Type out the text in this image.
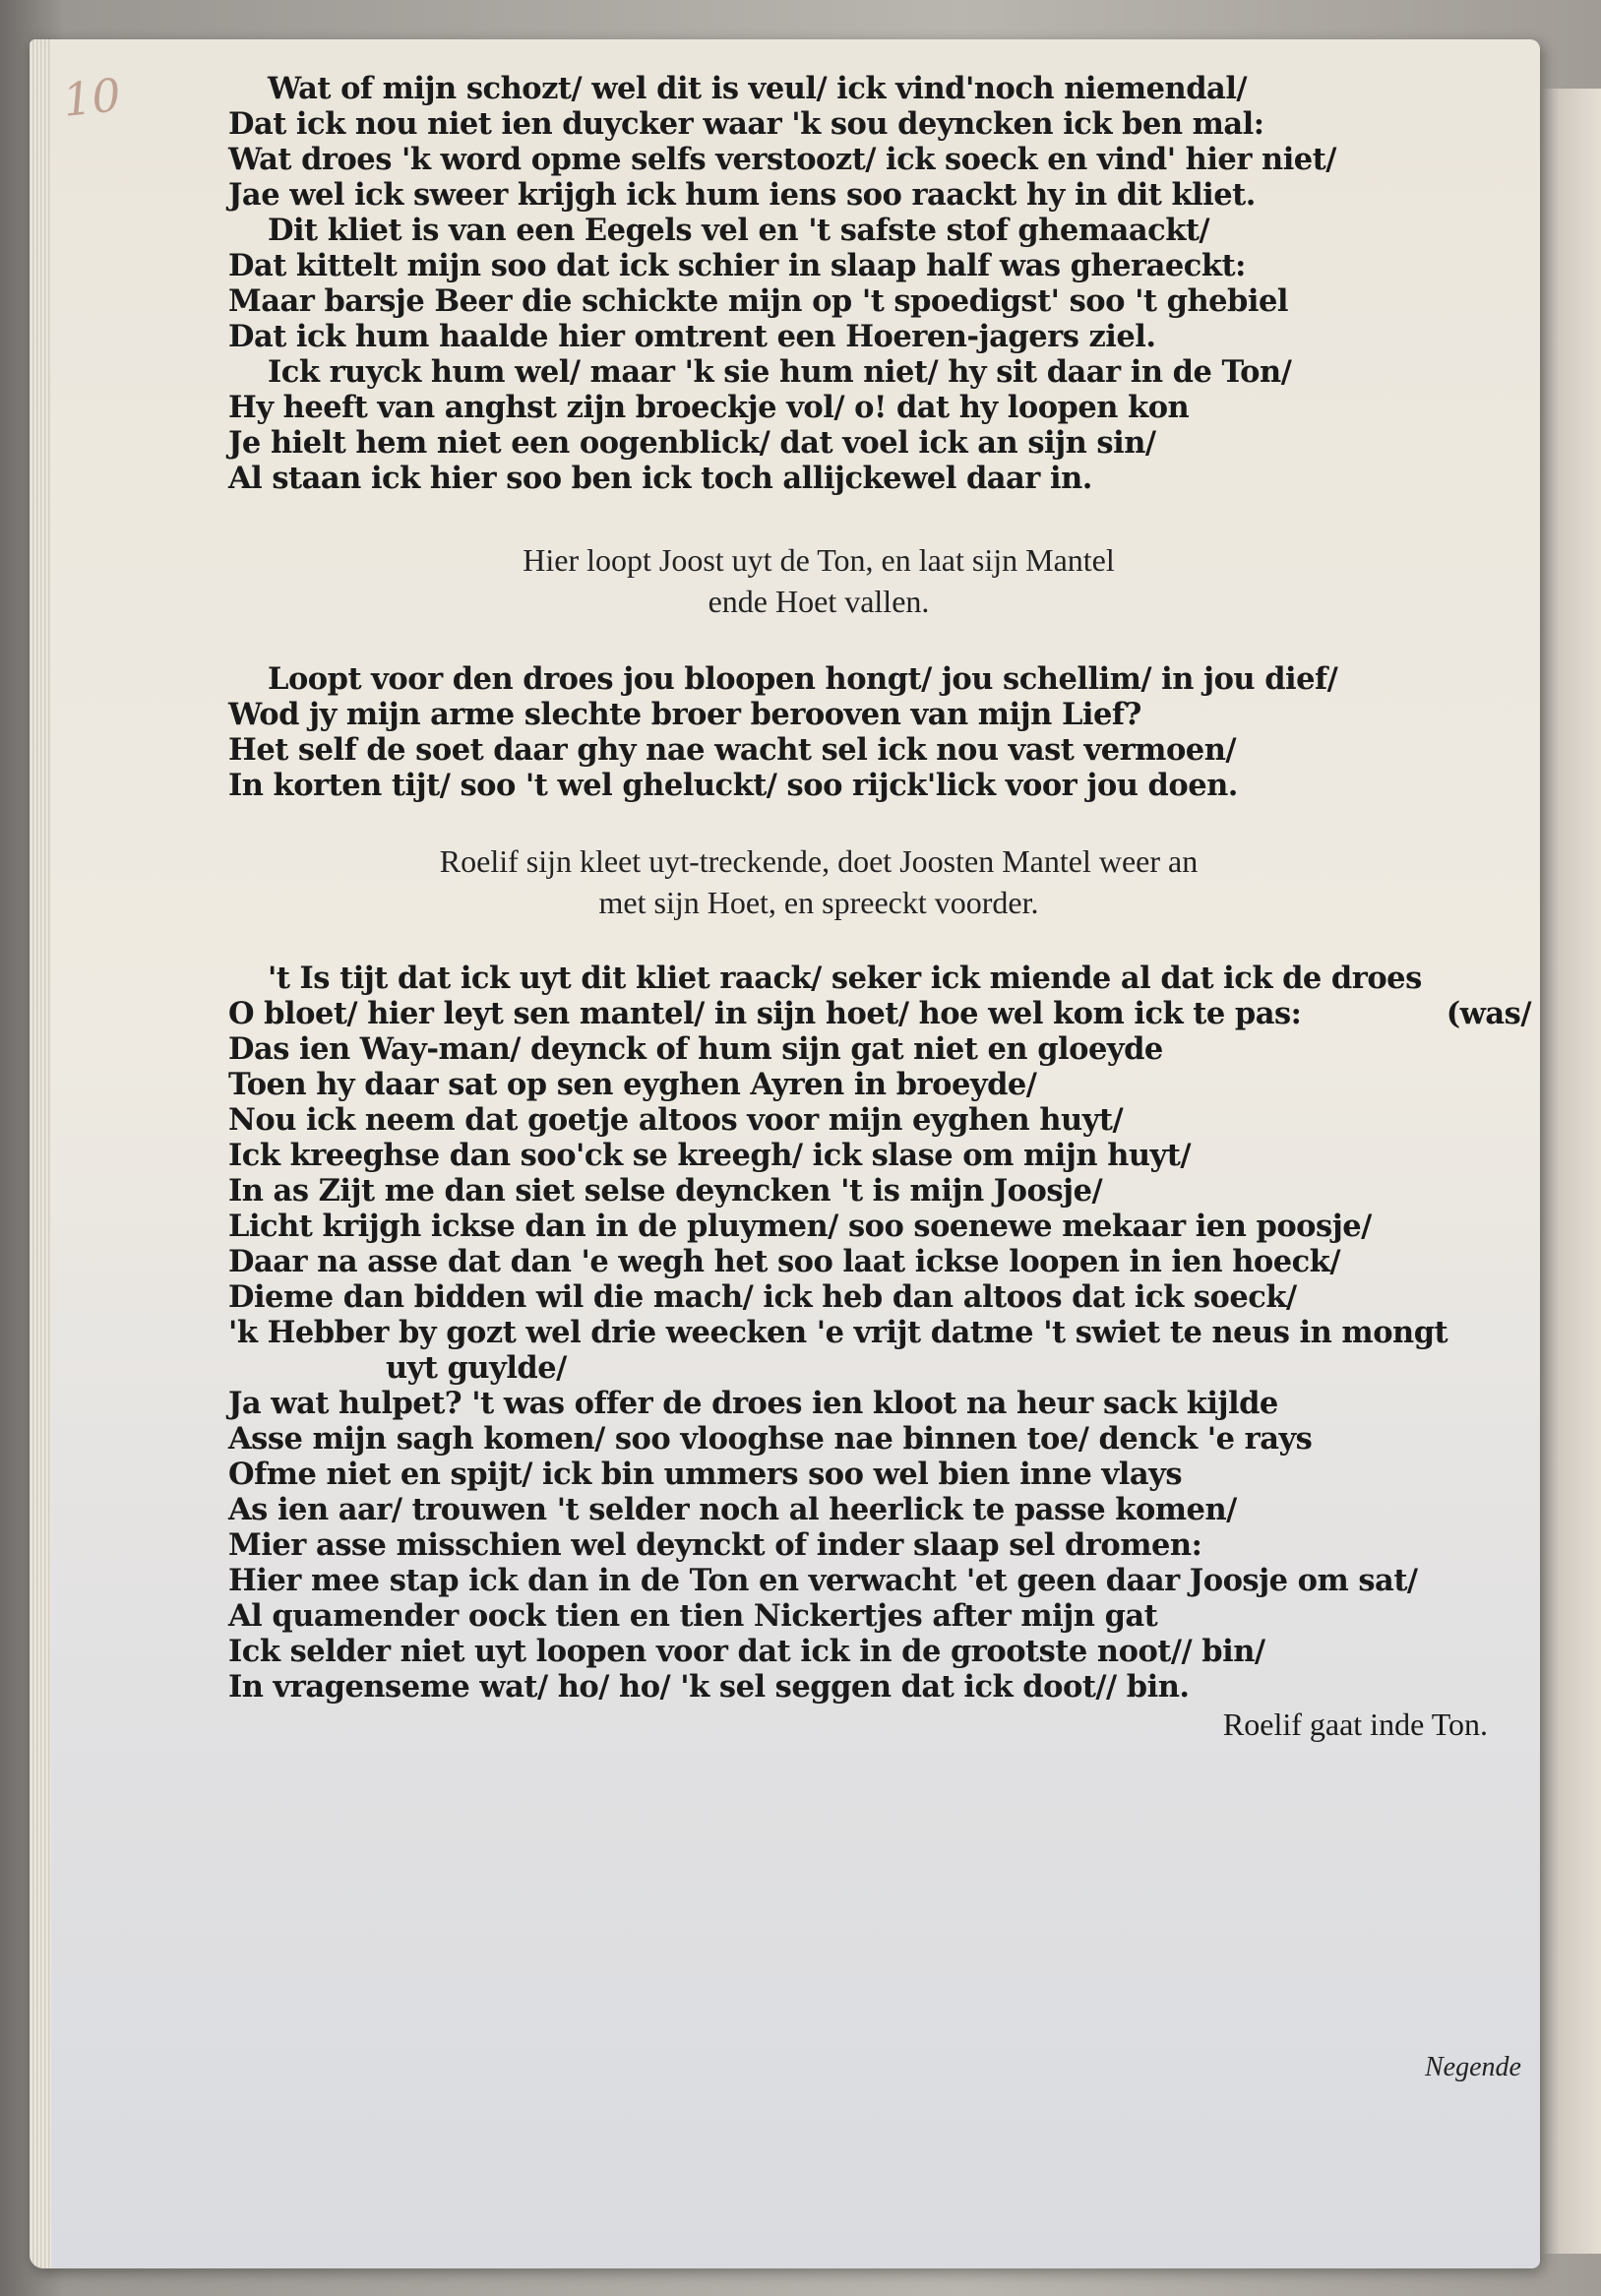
10	Wat of mijn schozt/ wel dit is veul/ ick vind'noch niemendal/
Dat ick nou niet ien duycker waar 'k sou deyncken ick ben mal:
Wat droes 'k word opme selfs verstoozt/ ick soeck en vind' hier niet/
Jae wel ick sweer krijgh ick hum iens soo raackt hy in dit kliet.
Dit kliet is van een Eegels vel en 't safste stof ghemaackt/
Dat kittelt mijn soo dat ick schier in slaap half was gheraeckt:
Maar barsje Beer die schickte mijn op 't spoedigst' soo 't ghebiel
Dat ick hum haalde hier omtrent een Hoeren-jagers ziel.
Ick ruyck hum wel/ maar 'k sie hum niet/ hy sit daar in de Ton/
Hy heeft van anghst zijn broeckje vol/ o! dat hy loopen kon
Je hielt hem niet een oogenblick/ dat voel ick an sijn sin/
Al staan ick hier soo ben ick toch allijckewel daar in.
Hier loopt Joost uyt de Ton, en laat sijn Mantel
ende Hoet vallen.
Loopt voor den droes jou bloopen hongt/ jou schellim/ in jou dief/
Wod jy mijn arme slechte broer berooven van mijn Lief?
Het self de soet daar ghy nae wacht sel ick nou vast vermoen/
In korten tijt/ soo 't wel gheluckt/ soo rijck'lick voor jou doen.
Roelif sijn kleet uyt-treckende, doet Joosten Mantel weer an
met sijn Hoet, en spreeckt voorder.
't Is tijt dat ick uyt dit kliet raack/ seker ick miende al dat ick de droes
O bloet/ hier leyt sen mantel/ in sijn hoet/ hoe wel kom ick te pas:	(was/
Das ien Way-man/ deynck of hum sijn gat niet en gloeyde
Toen hy daar sat op sen eyghen Ayren in broeyde/
Nou ick neem dat goetje altoos voor mijn eyghen huyt/
Ick kreeghse dan soo'ck se kreegh/ ick slase om mijn huyt/
In as Zijt me dan siet selse deyncken 't is mijn Joosje/
Licht krijgh ickse dan in de pluymen/ soo soenewe mekaar ien poosje/
Daar na asse dat dan 'e wegh het soo laat ickse loopen in ien hoeck/
Dieme dan bidden wil die mach/ ick heb dan altoos dat ick soeck/
'k Hebber by gozt wel drie weecken 'e vrijt datme 't swiet te neus in mongt
uyt guylde/
Ja wat hulpet? 't was offer de droes ien kloot na heur sack kijlde
Asse mijn sagh komen/ soo vlooghse nae binnen toe/ denck 'e rays
Ofme niet en spijt/ ick bin ummers soo wel bien inne vlays
As ien aar/ trouwen 't selder noch al heerlick te passe komen/
Mier asse misschien wel deynckt of inder slaap sel dromen:
Hier mee stap ick dan in de Ton en verwacht 'et geen daar Joosje om sat/
Al quamender oock tien en tien Nickertjes after mijn gat
Ick selder niet uyt loopen voor dat ick in de grootste noot// bin/
In vragenseme wat/ ho/ ho/ 'k sel seggen dat ick doot// bin.
Roelif gaat inde Ton.
Negende
